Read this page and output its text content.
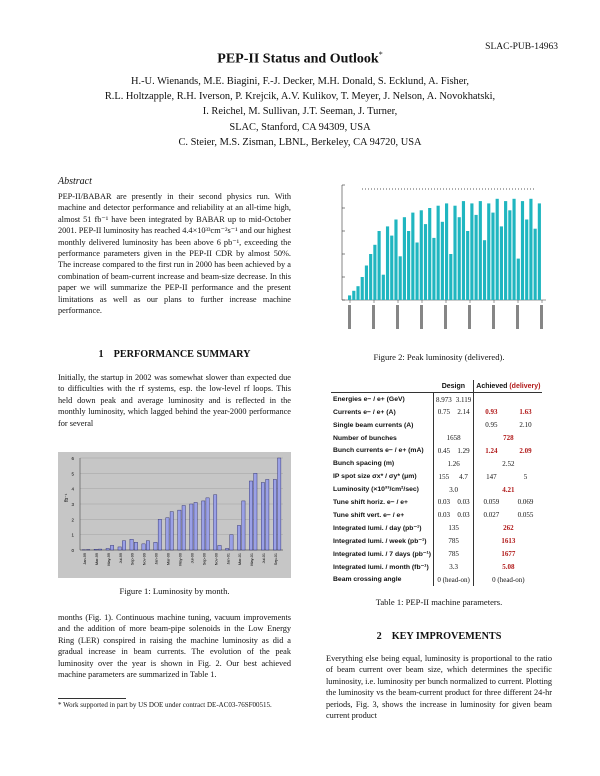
SLAC-PUB-14963
PEP-II Status and Outlook*
H.-U. Wienands, M.E. Biagini, F.-J. Decker, M.H. Donald, S. Ecklund, A. Fisher,
R.L. Holtzapple, R.H. Iverson, P. Krejcik, A.V. Kulikov, T. Meyer, J. Nelson, A. Novokhatski,
I. Reichel, M. Sullivan, J.T. Seeman, J. Turner,
SLAC, Stanford, CA 94309, USA
C. Steier, M.S. Zisman, LBNL, Berkeley, CA 94720, USA
Abstract
PEP-II/BABAR are presently in their second physics run. With machine and detector performance and reliability at an all-time high, almost 51 fb⁻¹ have been integrated by BABAR up to mid-October 2001. PEP-II luminosity has reached 4.4×10³³cm⁻²s⁻¹ and our highest monthly delivered luminosity has been above 6 pb⁻¹, exceeding the performance parameters given in the PEP-II CDR by almost 50%. The increase compared to the first run in 2000 has been achieved by a combination of beam-current increase and beam-size decrease. In this paper we will summarize the PEP-II performance and the present limitations as well as our plans to further increase machine performance.
1 PERFORMANCE SUMMARY
Initially, the startup in 2002 was somewhat slower than expected due to difficulties with the rf systems, esp. the low-level rf loops. This held down peak and average luminosity and is reflected in the monthly luminosity, which lagged behind the year-2000 performance for several
0
1
2
3
4
5
6
fb⁻¹
Jan-99 Mar-99 May-99 Jul-99 Sep-99 Nov-99 Jan-00 Mar-00 May-00 Jul-00 Sep-00 Nov-00 Jan-01 Mar-01 May-01 Jul-01 Sep-01
Figure 1: Luminosity by month.
months (Fig. 1). Continuous machine tuning, vacuum improvements and the addition of more beam-pipe solenoids in the Low Energy Ring (LER) conspired in raising the machine luminosity as did a gradual increase in beam currents. The evolution of the peak luminosity over the year is shown in Fig. 2. Our best achieved machine parameters are summarized in Table 1.
* Work supported in part by US DOE under contract DE-AC03-76SF00515.
Figure 2: Peak luminosity (delivered).
	Design		Achieved (delivery)	
Energies e− / e+ (GeV)	8.973	3.119		
Currents e− / e+ (A)	0.75	2.14	0.93	1.63
Single beam currents (A)			0.95	2.10
Number of bunches	1658		728	
Bunch currents e− / e+ (mA)	0.45	1.29	1.24	2.09
Bunch spacing (m)	1.26		2.52	
IP spot size σx* / σy* (μm)	155	4.7	147	5
Luminosity (×10³³/cm²/sec)	3.0		4.21	
Tune shift horiz. e− / e+	0.03	0.03	0.059	0.069
Tune shift vert. e− / e+	0.03	0.03	0.027	0.055
Integrated lumi. / day (pb⁻¹)	135		262	
Integrated lumi. / week (pb⁻¹)	785		1613	
Integrated lumi. / 7 days (pb⁻¹)	785		1677	
Integrated lumi. / month (fb⁻¹)	3.3		5.08	
Beam crossing angle	0 (head-on)		0 (head-on)	
Table 1: PEP-II machine parameters.
2 KEY IMPROVEMENTS
Everything else being equal, luminosity is proportional to the ratio of beam current over beam size, which determines the specific luminosity, i.e. luminosity per bunch normalized to current. Plotting the luminosity vs the beam-current product for three different 24-hr periods, Fig. 3, shows the increase in luminosity for given beam current product
